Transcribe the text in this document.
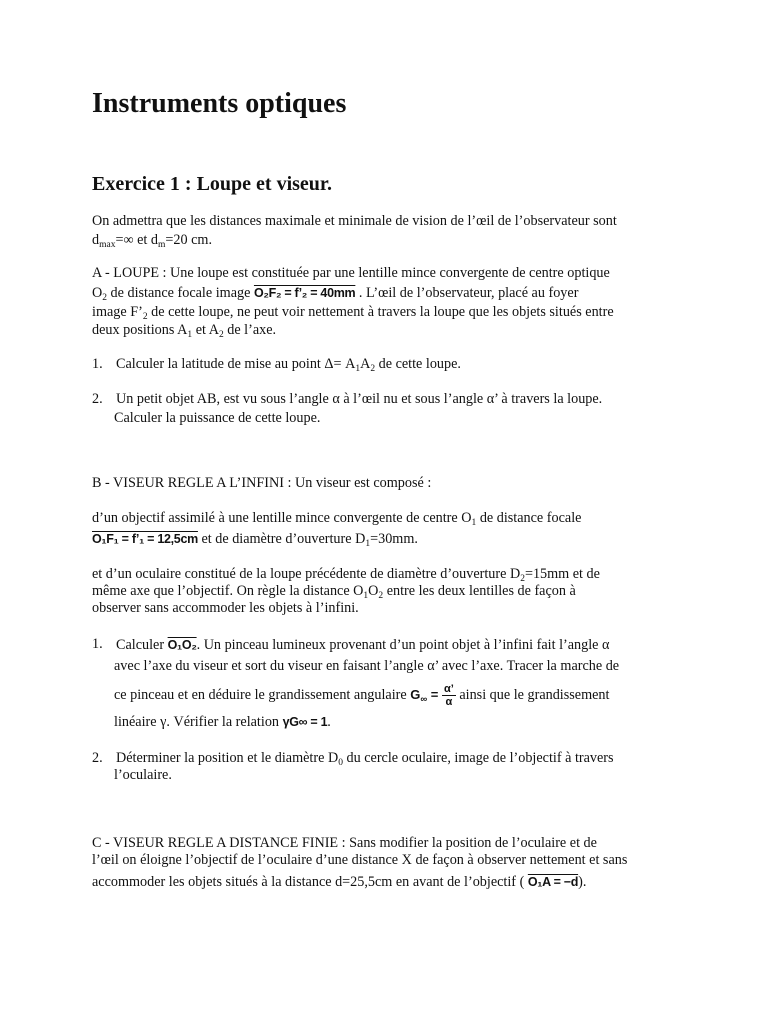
Instruments optiques
Exercice 1 : Loupe et viseur.
On admettra que les distances maximale et minimale de vision de l’œil de l’observateur sont
$d_{max}=\infty$ et $d_m=20$ cm.
A - LOUPE : Une loupe est constituée par une lentille mince convergente de centre optique
$O_2$ de distance focale image O₂F₂ = f’₂ = 40mm . L’œil de l’observateur, placé au foyer
image $F’_2$ de cette loupe, ne peut voir nettement à travers la loupe que les objets situés entre
deux positions $A_1$ et $A_2$ de l’axe.
1. Calculer la latitude de mise au point $\Delta= A_1A_2$ de cette loupe.
2. Un petit objet AB, est vu sous l’angle α à l’œil nu et sous l’angle α’ à travers la loupe.
Calculer la puissance de cette loupe.
B - VISEUR REGLE A L’INFINI : Un viseur est composé :
d’un objectif assimilé à une lentille mince convergente de centre $O_1$ de distance focale
O₁F₁ = f’₁ = 12,5cm et de diamètre d’ouverture $D_1=30mm$.
et d’un oculaire constitué de la loupe précédente de diamètre d’ouverture $D_2=15mm$ et de
même axe que l’objectif. On règle la distance $O_1O_2$ entre les deux lentilles de façon à
observer sans accommoder les objets à l’infini.
1. Calculer O₁O₂. Un pinceau lumineux provenant d’un point objet à l’infini fait l’angle α
avec l’axe du viseur et sort du viseur en faisant l’angle α’ avec l’axe. Tracer la marche de
ce pinceau et en déduire le grandissement angulaire $G_\infty = \frac{\alpha’}{\alpha}$ ainsi que le grandissement
linéaire γ. Vérifier la relation γG∞ = 1.
2. Déterminer la position et le diamètre $D_0$ du cercle oculaire, image de l’objectif à travers
l’oculaire.
C - VISEUR REGLE A DISTANCE FINIE : Sans modifier la position de l’oculaire et de
l’œil on éloigne l’objectif de l’oculaire d’une distance X de façon à observer nettement et sans
accommoder les objets situés à la distance d=25,5cm en avant de l’objectif ( O₁A = −d).
